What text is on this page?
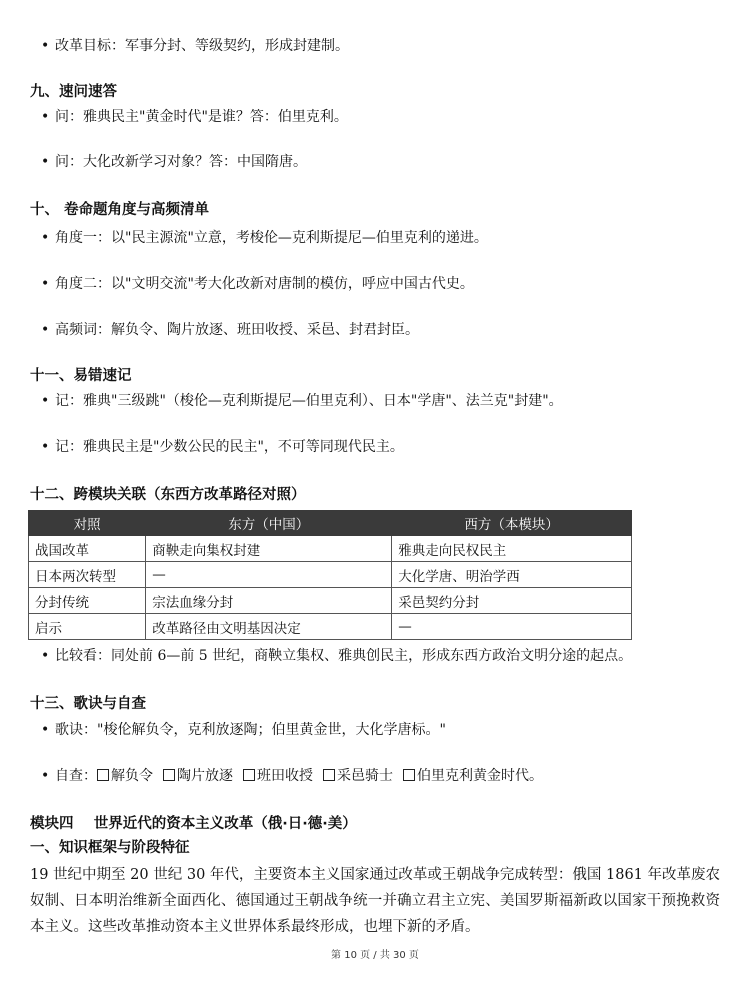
• 改革目标：军事分封、等级契约，形成封建制。
九、速问速答
• 问：雅典民主"黄金时代"是谁？答：伯里克利。
• 问：大化改新学习对象？答：中国隋唐。
十、 卷命题角度与高频清单
• 角度一：以"民主源流"立意，考梭伦—克利斯提尼—伯里克利的递进。
• 角度二：以"文明交流"考大化改新对唐制的模仿，呼应中国古代史。
• 高频词：解负令、陶片放逐、班田收授、采邑、封君封臣。
十一、易错速记
• 记：雅典"三级跳"（梭伦—克利斯提尼—伯里克利）、日本"学唐"、法兰克"封建"。
• 记：雅典民主是"少数公民的民主"，不可等同现代民主。
十二、跨模块关联（东西方改革路径对照）
对照	东方（中国）	西方（本模块）
战国改革	商鞅走向集权封建	雅典走向民权民主
日本两次转型	—	大化学唐、明治学西
分封传统	宗法血缘分封	采邑契约分封
启示	改革路径由文明基因决定	—
• 比较看：同处前 6—前 5 世纪，商鞅立集权、雅典创民主，形成东西方政治文明分途的起点。
十三、歌诀与自查
• 歌诀："梭伦解负令，克利放逐陶；伯里黄金世，大化学唐标。"
• 自查： 解负令 陶片放逐 班田收授 采邑骑士 伯里克利黄金时代。
模块四    世界近代的资本主义改革（俄·日·德·美）
一、知识框架与阶段特征
19 世纪中期至 20 世纪 30 年代，主要资本主义国家通过改革或王朝战争完成转型：俄国 1861 年改革废农奴制、日本明治维新全面西化、德国通过王朝战争统一并确立君主立宪、美国罗斯福新政以国家干预挽救资本主义。这些改革推动资本主义世界体系最终形成，也埋下新的矛盾。
第 10 页 / 共 30 页
